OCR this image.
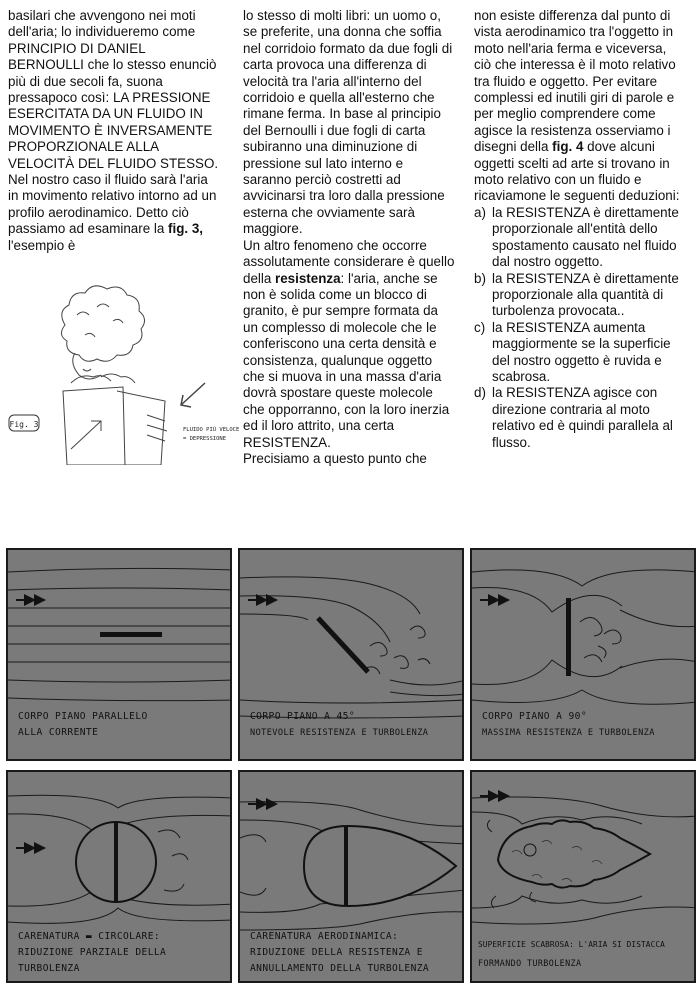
basilari che avvengono nei moti dell'aria; lo individueremo come PRINCIPIO DI DANIEL BERNOULLI che lo stesso enunciò più di due secoli fa, suona pressapoco così: LA PRESSIONE ESERCITATA DA UN FLUIDO IN MOVIMENTO È INVERSAMENTE PROPORZIONALE ALLA VELOCITÀ DEL FLUIDO STESSO. Nel nostro caso il fluido sarà l'aria in movimento relativo intorno ad un profilo aerodinamico. Detto ciò passiamo ad esaminare la fig. 3, l'esempio è

lo stesso di molti libri: un uomo o, se preferite, una donna che soffia nel corridoio formato da due fogli di carta provoca una differenza di velocità tra l'aria all'interno del corridoio e quella all'esterno che rimane ferma. In base al principio del Bernoulli i due fogli di carta subiranno una diminuzione di pressione sul lato interno e saranno perciò costretti ad avvicinarsi tra loro dalla pressione esterna che ovviamente sarà maggiore.

Un altro fenomeno che occorre assolutamente considerare è quello della resistenza: l'aria, anche se non è solida come un blocco di granito, è pur sempre formata da un complesso di molecole che le conferiscono una certa densità e consistenza, qualunque oggetto che si muova in una massa d'aria dovrà spostare queste molecole che opporranno, con la loro inerzia ed il loro attrito, una certa RESISTENZA.

Precisiamo a questo punto che

non esiste differenza dal punto di vista aerodinamico tra l'oggetto in moto nell'aria ferma e viceversa, ciò che interessa è il moto relativo tra fluido e oggetto. Per evitare complessi ed inutili giri di parole e per meglio comprendere come agisce la resistenza osserviamo i disegni della fig. 4 dove alcuni oggetti scelti ad arte si trovano in moto relativo con un fluido e ricaviamone le seguenti deduzioni:

a) la RESISTENZA è direttamente proporzionale all'entità dello spostamento causato nel fluido dal nostro oggetto.
b) la RESISTENZA è direttamente proporzionale alla quantità di turbolenza provocata..
c) la RESISTENZA aumenta maggiormente se la superficie del nostro oggetto è ruvida e scabrosa.
d) la RESISTENZA agisce con direzione contraria al moto relativo ed è quindi parallela al flusso.
Fig. 3
FLUIDO PIÙ VELOCE
= DEPRESSIONE
CORPO PIANO PARALLELO
ALLA CORRENTE
CORPO PIANO A 45°
NOTEVOLE RESISTENZA E TURBOLENZA
CORPO PIANO A 90°
MASSIMA RESISTENZA E TURBOLENZA
CARENATURA ▬ CIRCOLARE:
RIDUZIONE PARZIALE DELLA
TURBOLENZA
CARENATURA AERODINAMICA:
RIDUZIONE DELLA RESISTENZA E
ANNULLAMENTO DELLA TURBOLENZA
SUPERFICIE SCABROSA: L'ARIA SI DISTACCA
FORMANDO TURBOLENZA
